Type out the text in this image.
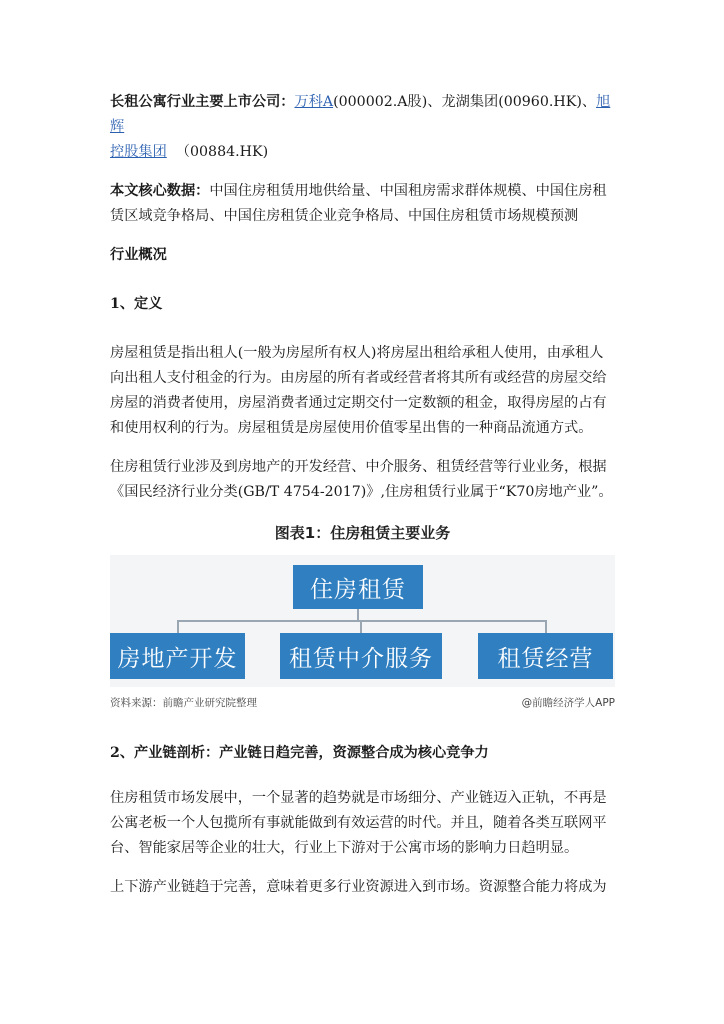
长租公寓行业主要上市公司：万科A(000002.A股)、龙湖集团(00960.HK)、旭辉
控股集团 （00884.HK)

本文核心数据：中国住房租赁用地供给量、中国租房需求群体规模、中国住房租赁区域竞争格局、中国住房租赁企业竞争格局、中国住房租赁市场规模预测

行业概况

1、定义

房屋租赁是指出租人(一般为房屋所有权人)将房屋出租给承租人使用，由承租人向出租人支付租金的行为。由房屋的所有者或经营者将其所有或经营的房屋交给房屋的消费者使用，房屋消费者通过定期交付一定数额的租金，取得房屋的占有和使用权利的行为。房屋租赁是房屋使用价值零星出售的一种商品流通方式。

住房租赁行业涉及到房地产的开发经营、中介服务、租赁经营等行业业务，根据《国民经济行业分类(GB/T 4754-2017)》,住房租赁行业属于“K70房地产业”。

图表1：住房租赁主要业务
住房租赁
房地产开发	租赁中介服务	租赁经营
资料来源：前瞻产业研究院整理	@前瞻经济学人APP

2、产业链剖析：产业链日趋完善，资源整合成为核心竞争力

住房租赁市场发展中，一个显著的趋势就是市场细分、产业链迈入正轨，不再是公寓老板一个人包揽所有事就能做到有效运营的时代。并且，随着各类互联网平台、智能家居等企业的壮大，行业上下游对于公寓市场的影响力日趋明显。

上下游产业链趋于完善，意味着更多行业资源进入到市场。资源整合能力将成为
